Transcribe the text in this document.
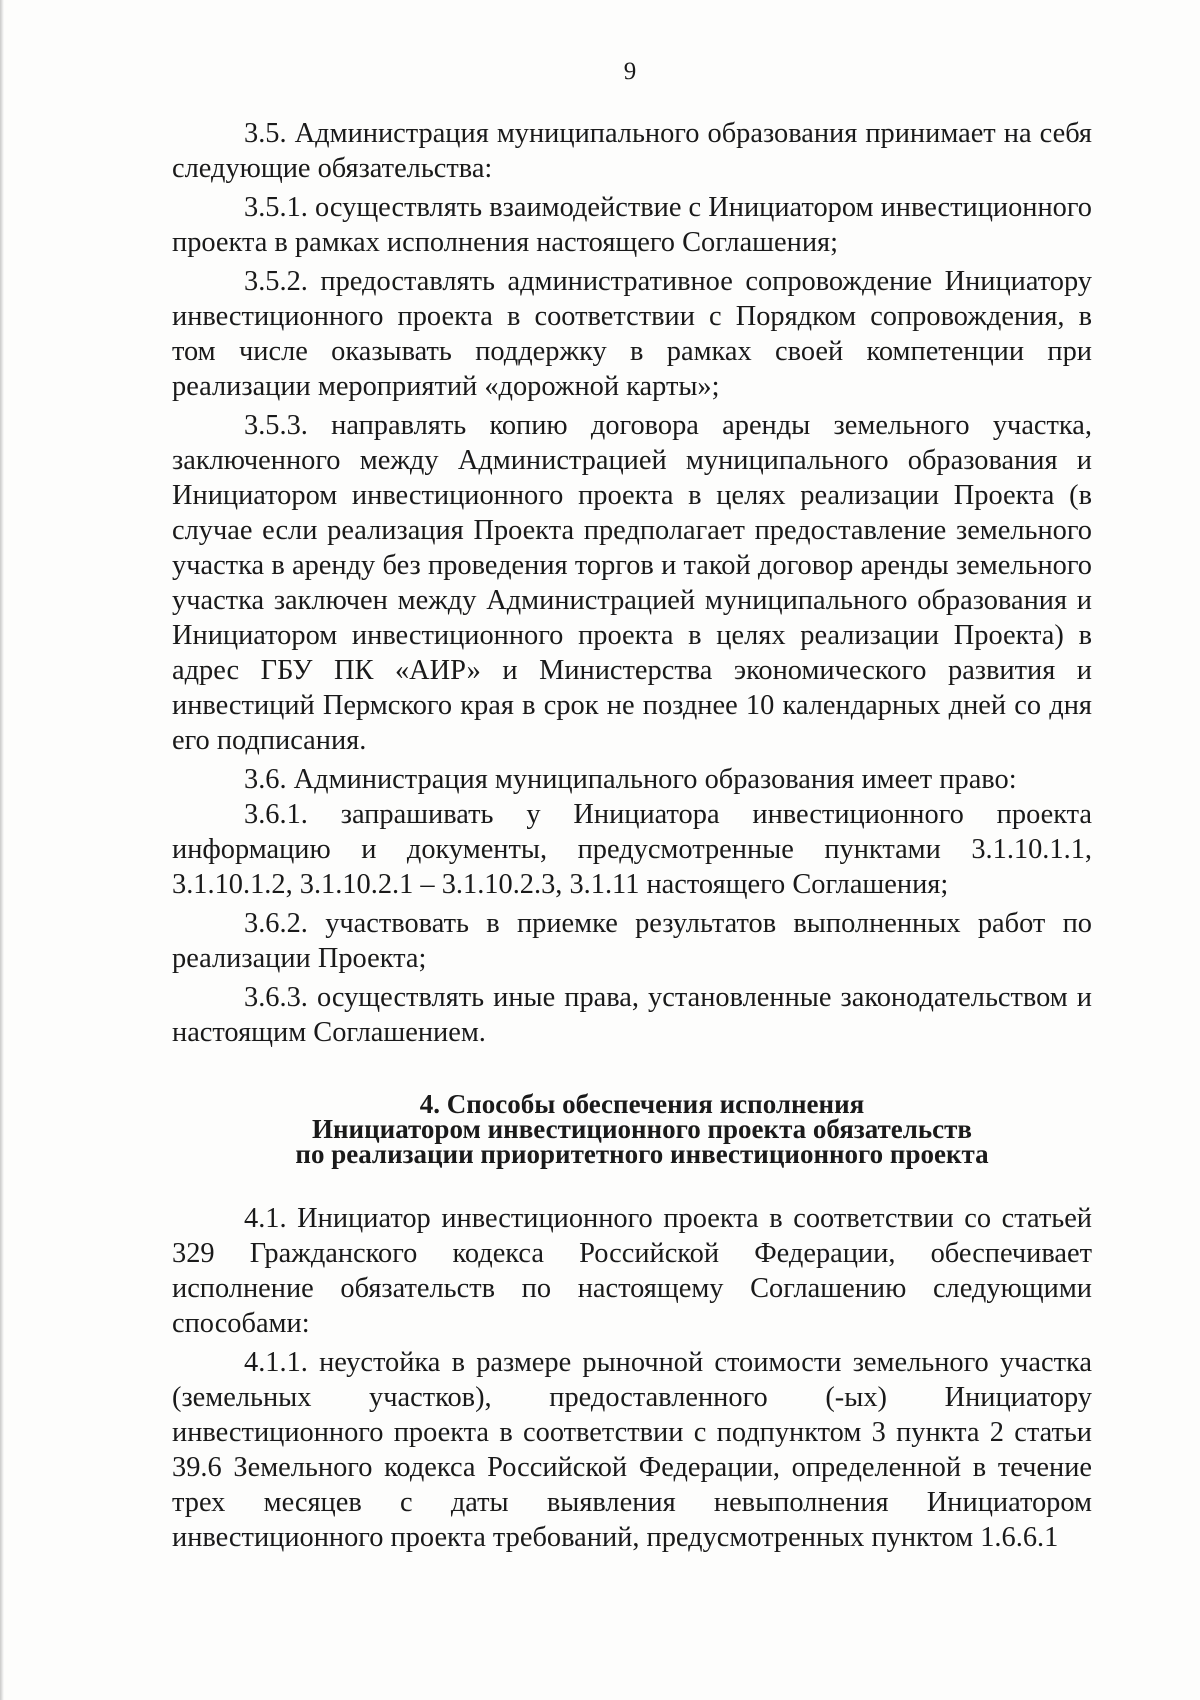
9

3.5. Администрация муниципального образования принимает на себя следующие обязательства:

3.5.1. осуществлять взаимодействие с Инициатором инвестиционного проекта в рамках исполнения настоящего Соглашения;

3.5.2. предоставлять административное сопровождение Инициатору инвестиционного проекта в соответствии с Порядком сопровождения, в том числе оказывать поддержку в рамках своей компетенции при реализации мероприятий «дорожной карты»;

3.5.3. направлять копию договора аренды земельного участка, заключенного между Администрацией муниципального образования и Инициатором инвестиционного проекта в целях реализации Проекта (в случае если реализация Проекта предполагает предоставление земельного участка в аренду без проведения торгов и такой договор аренды земельного участка заключен между Администрацией муниципального образования и Инициатором инвестиционного проекта в целях реализации Проекта) в адрес ГБУ ПК «АИР» и Министерства экономического развития и инвестиций Пермского края в срок не позднее 10 календарных дней со дня его подписания.

3.6. Администрация муниципального образования имеет право:

3.6.1. запрашивать у Инициатора инвестиционного проекта информацию и документы, предусмотренные пунктами 3.1.10.1.1, 3.1.10.1.2, 3.1.10.2.1 – 3.1.10.2.3, 3.1.11 настоящего Соглашения;

3.6.2. участвовать в приемке результатов выполненных работ по реализации Проекта;

3.6.3. осуществлять иные права, установленные законодательством и настоящим Соглашением.

4. Способы обеспечения исполнения
Инициатором инвестиционного проекта обязательств
по реализации приоритетного инвестиционного проекта

4.1. Инициатор инвестиционного проекта в соответствии со статьей 329 Гражданского кодекса Российской Федерации, обеспечивает исполнение обязательств по настоящему Соглашению следующими способами:

4.1.1. неустойка в размере рыночной стоимости земельного участка (земельных участков), предоставленного (-ых) Инициатору инвестиционного проекта в соответствии с подпунктом 3 пункта 2 статьи 39.6 Земельного кодекса Российской Федерации, определенной в течение трех месяцев с даты выявления невыполнения Инициатором инвестиционного проекта требований, предусмотренных пунктом 1.6.6.1
